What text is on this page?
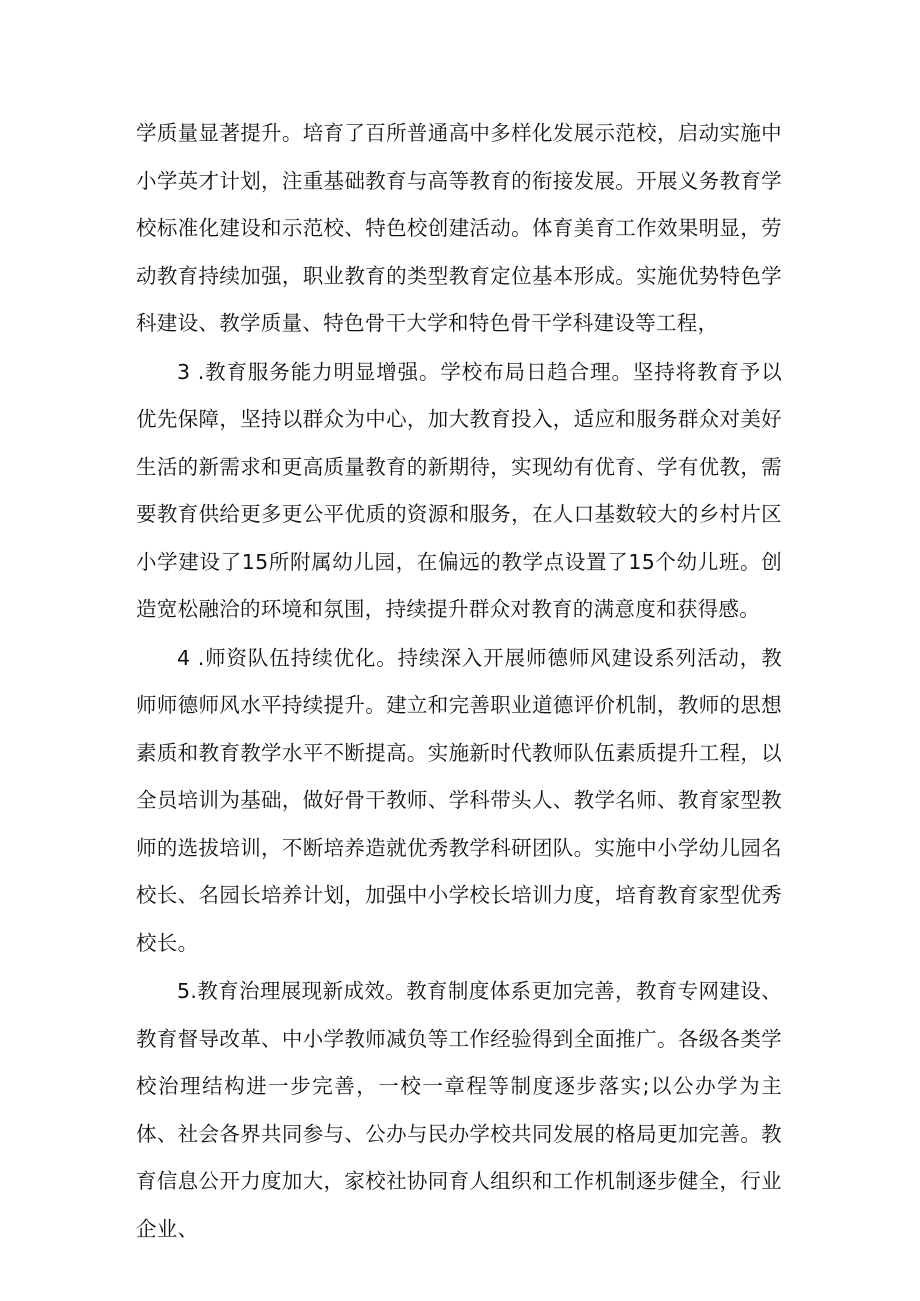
学质量显著提升。培育了百所普通高中多样化发展示范校，启动实施中小学英才计划，注重基础教育与高等教育的衔接发展。开展义务教育学校标准化建设和示范校、特色校创建活动。体育美育工作效果明显，劳动教育持续加强，职业教育的类型教育定位基本形成。实施优势特色学科建设、教学质量、特色骨干大学和特色骨干学科建设等工程，

3 .教育服务能力明显增强。学校布局日趋合理。坚持将教育予以优先保障，坚持以群众为中心，加大教育投入，适应和服务群众对美好生活的新需求和更高质量教育的新期待，实现幼有优育、学有优教，需要教育供给更多更公平优质的资源和服务，在人口基数较大的乡村片区小学建设了15所附属幼儿园，在偏远的教学点设置了15个幼儿班。创造宽松融洽的环境和氛围，持续提升群众对教育的满意度和获得感。

4 .师资队伍持续优化。持续深入开展师德师风建设系列活动，教师师德师风水平持续提升。建立和完善职业道德评价机制，教师的思想素质和教育教学水平不断提高。实施新时代教师队伍素质提升工程，以全员培训为基础，做好骨干教师、学科带头人、教学名师、教育家型教师的选拔培训，不断培养造就优秀教学科研团队。实施中小学幼儿园名校长、名园长培养计划，加强中小学校长培训力度，培育教育家型优秀校长。

5.教育治理展现新成效。教育制度体系更加完善，教育专网建设、教育督导改革、中小学教师减负等工作经验得到全面推广。各级各类学校治理结构进一步完善，一校一章程等制度逐步落实;以公办学为主体、社会各界共同参与、公办与民办学校共同发展的格局更加完善。教育信息公开力度加大，家校社协同育人组织和工作机制逐步健全，行业企业、
